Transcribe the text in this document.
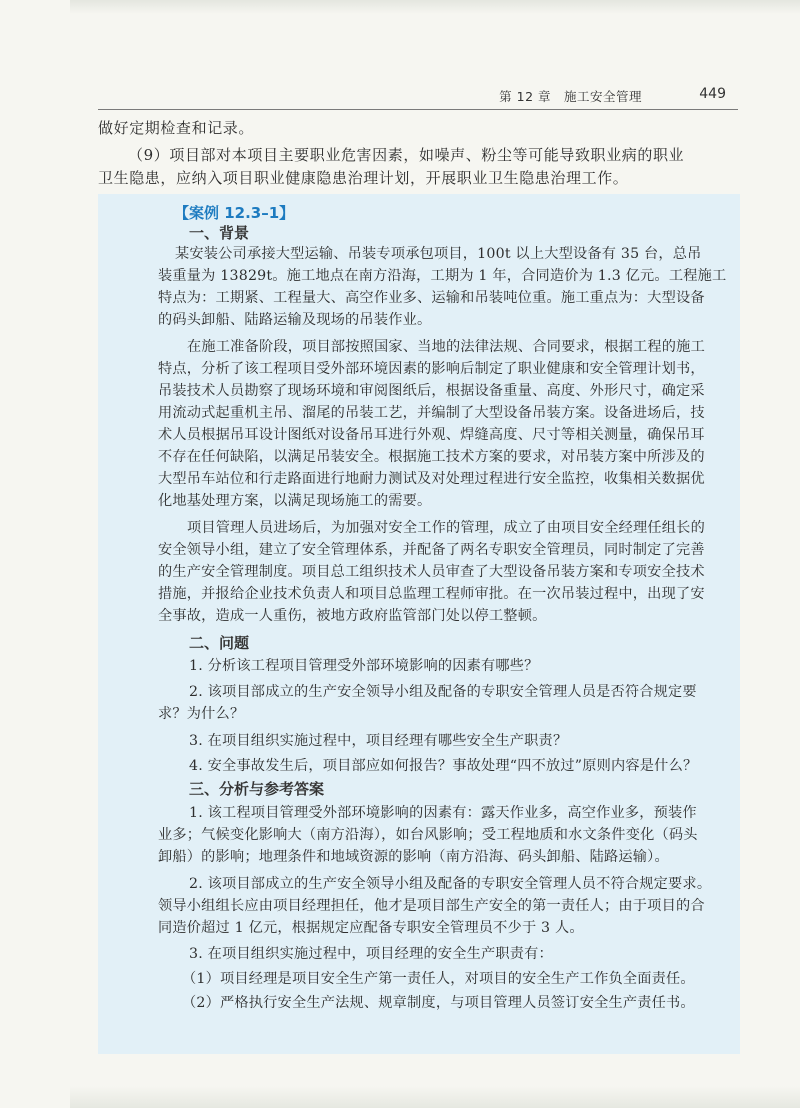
第 12 章　施工安全管理	449
做好定期检查和记录。
（9）项目部对本项目主要职业危害因素，如噪声、粉尘等可能导致职业病的职业
卫生隐患，应纳入项目职业健康隐患治理计划，开展职业卫生隐患治理工作。
【案例 12.3–1】
一、背景
某安装公司承接大型运输、吊装专项承包项目，100t 以上大型设备有 35 台，总吊
装重量为 13829t。施工地点在南方沿海，工期为 1 年，合同造价为 1.3 亿元。工程施工
特点为：工期紧、工程量大、高空作业多、运输和吊装吨位重。施工重点为：大型设备
的码头卸船、陆路运输及现场的吊装作业。
在施工准备阶段，项目部按照国家、当地的法律法规、合同要求，根据工程的施工
特点，分析了该工程项目受外部环境因素的影响后制定了职业健康和安全管理计划书，
吊装技术人员勘察了现场环境和审阅图纸后，根据设备重量、高度、外形尺寸，确定采
用流动式起重机主吊、溜尾的吊装工艺，并编制了大型设备吊装方案。设备进场后，技
术人员根据吊耳设计图纸对设备吊耳进行外观、焊缝高度、尺寸等相关测量，确保吊耳
不存在任何缺陷，以满足吊装安全。根据施工技术方案的要求，对吊装方案中所涉及的
大型吊车站位和行走路面进行地耐力测试及对处理过程进行安全监控，收集相关数据优
化地基处理方案，以满足现场施工的需要。
项目管理人员进场后，为加强对安全工作的管理，成立了由项目安全经理任组长的
安全领导小组，建立了安全管理体系，并配备了两名专职安全管理员，同时制定了完善
的生产安全管理制度。项目总工组织技术人员审查了大型设备吊装方案和专项安全技术
措施，并报给企业技术负责人和项目总监理工程师审批。在一次吊装过程中，出现了安
全事故，造成一人重伤，被地方政府监管部门处以停工整顿。
二、问题
1. 分析该工程项目管理受外部环境影响的因素有哪些？
2. 该项目部成立的生产安全领导小组及配备的专职安全管理人员是否符合规定要
求？为什么？
3. 在项目组织实施过程中，项目经理有哪些安全生产职责？
4. 安全事故发生后，项目部应如何报告？事故处理“四不放过”原则内容是什么？
三、分析与参考答案
1. 该工程项目管理受外部环境影响的因素有：露天作业多，高空作业多，预装作
业多；气候变化影响大（南方沿海），如台风影响；受工程地质和水文条件变化（码头
卸船）的影响；地理条件和地域资源的影响（南方沿海、码头卸船、陆路运输）。
2. 该项目部成立的生产安全领导小组及配备的专职安全管理人员不符合规定要求。
领导小组组长应由项目经理担任，他才是项目部生产安全的第一责任人；由于项目的合
同造价超过 1 亿元，根据规定应配备专职安全管理员不少于 3 人。
3. 在项目组织实施过程中，项目经理的安全生产职责有：
（1）项目经理是项目安全生产第一责任人，对项目的安全生产工作负全面责任。
（2）严格执行安全生产法规、规章制度，与项目管理人员签订安全生产责任书。
